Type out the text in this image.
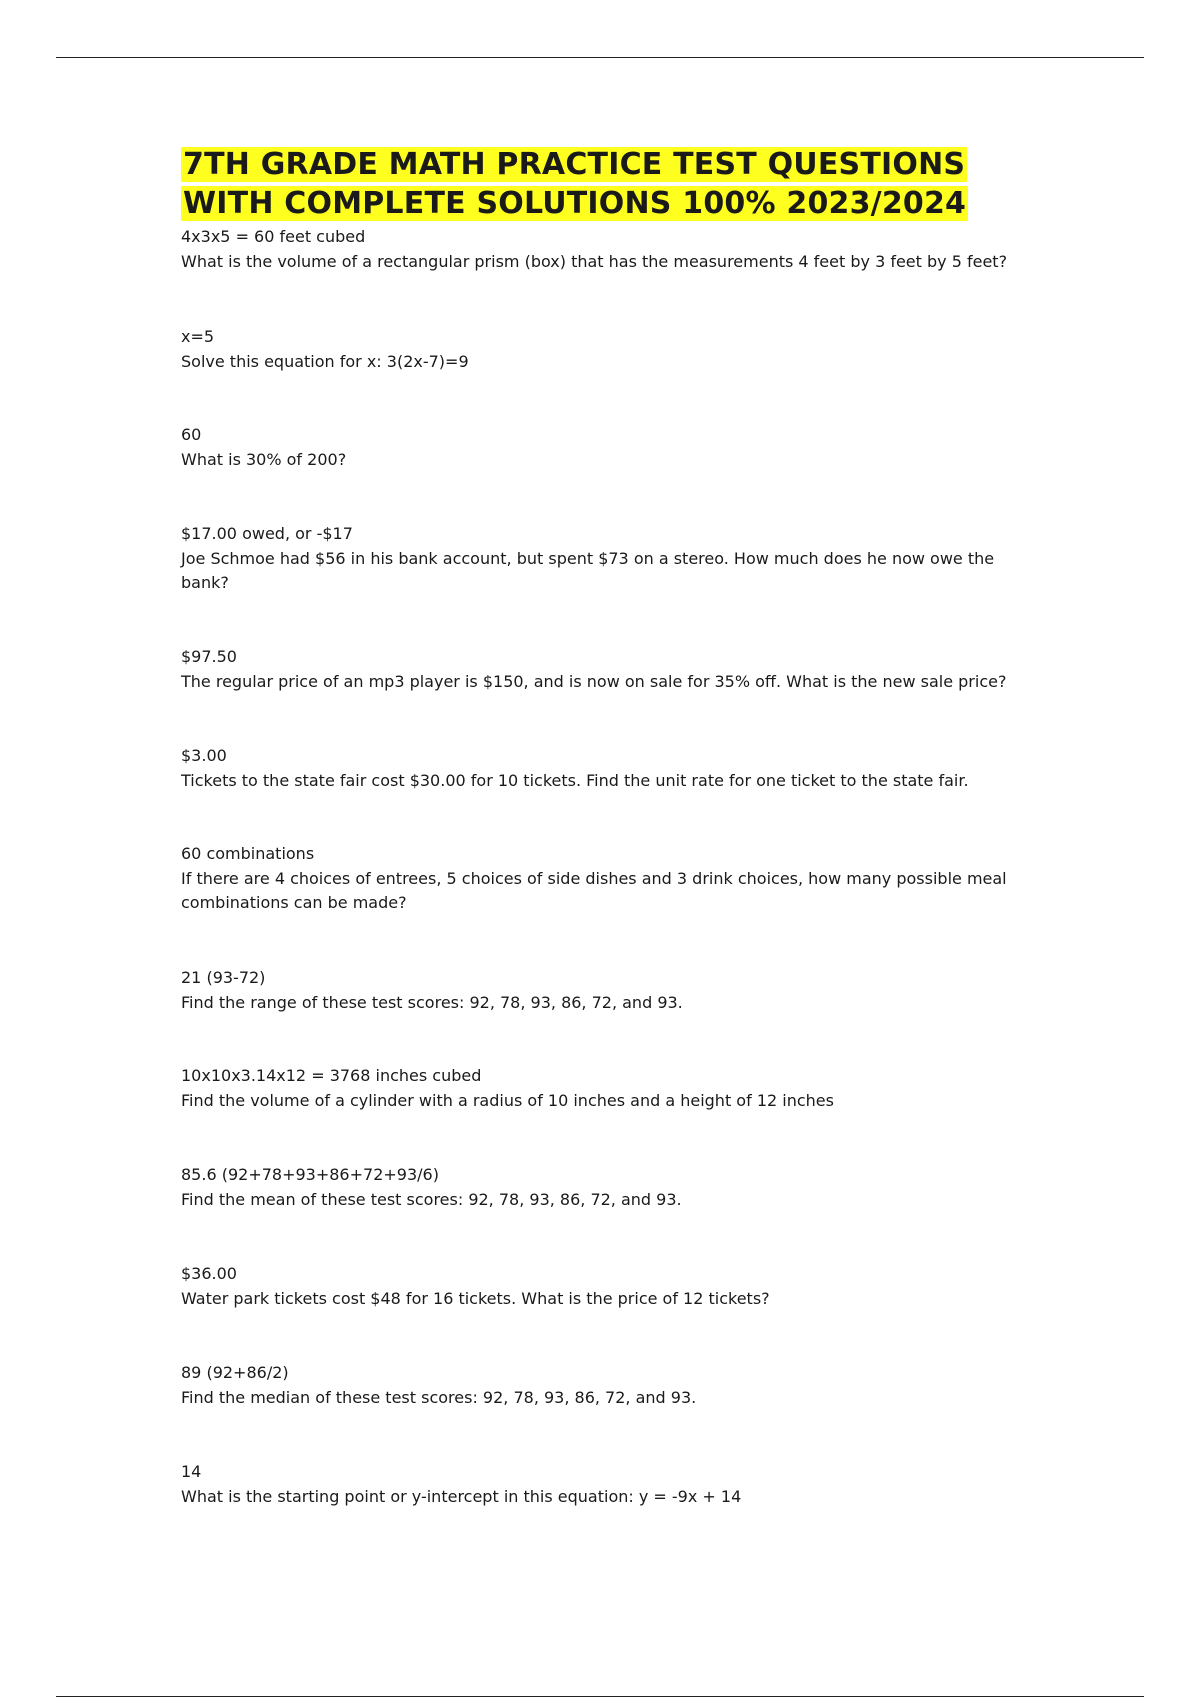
7TH GRADE MATH PRACTICE TEST QUESTIONS
WITH COMPLETE SOLUTIONS 100% 2023/2024
4x3x5 = 60 feet cubed
What is the volume of a rectangular prism (box) that has the measurements 4 feet by 3 feet by 5 feet?
x=5
Solve this equation for x: 3(2x-7)=9
60
What is 30% of 200?
$17.00 owed, or -$17
Joe Schmoe had $56 in his bank account, but spent $73 on a stereo. How much does he now owe the bank?
$97.50
The regular price of an mp3 player is $150, and is now on sale for 35% off. What is the new sale price?
$3.00
Tickets to the state fair cost $30.00 for 10 tickets. Find the unit rate for one ticket to the state fair.
60 combinations
If there are 4 choices of entrees, 5 choices of side dishes and 3 drink choices, how many possible meal combinations can be made?
21 (93-72)
Find the range of these test scores: 92, 78, 93, 86, 72, and 93.
10x10x3.14x12 = 3768 inches cubed
Find the volume of a cylinder with a radius of 10 inches and a height of 12 inches
85.6 (92+78+93+86+72+93/6)
Find the mean of these test scores: 92, 78, 93, 86, 72, and 93.
$36.00
Water park tickets cost $48 for 16 tickets. What is the price of 12 tickets?
89 (92+86/2)
Find the median of these test scores: 92, 78, 93, 86, 72, and 93.
14
What is the starting point or y-intercept in this equation: y = -9x + 14
